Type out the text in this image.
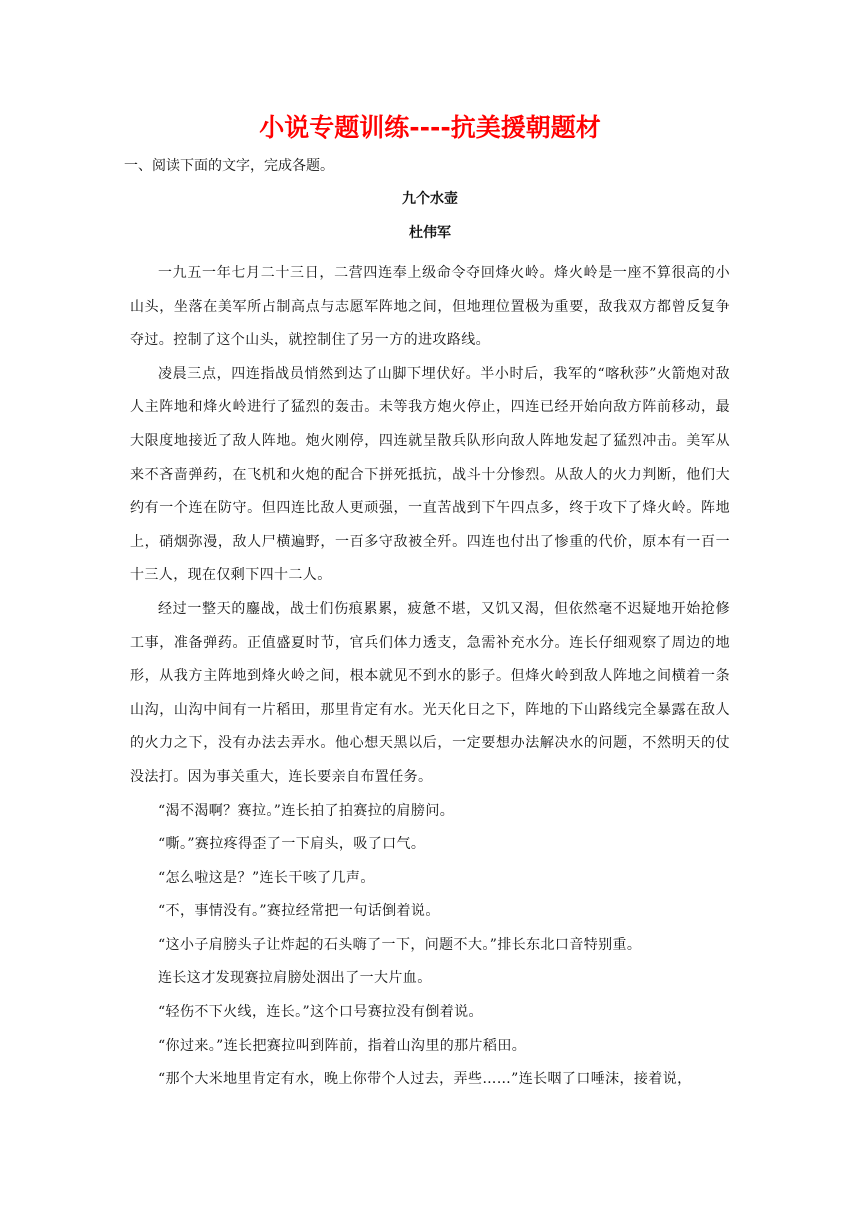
小说专题训练----抗美援朝题材

一、阅读下面的文字，完成各题。

九个水壶

杜伟军

一九五一年七月二十三日，二营四连奉上级命令夺回烽火岭。烽火岭是一座不算很高的小山头，坐落在美军所占制高点与志愿军阵地之间，但地理位置极为重要，敌我双方都曾反复争夺过。控制了这个山头，就控制住了另一方的进攻路线。

凌晨三点，四连指战员悄然到达了山脚下埋伏好。半小时后，我军的“喀秋莎”火箭炮对敌人主阵地和烽火岭进行了猛烈的轰击。未等我方炮火停止，四连已经开始向敌方阵前移动，最大限度地接近了敌人阵地。炮火刚停，四连就呈散兵队形向敌人阵地发起了猛烈冲击。美军从来不吝啬弹药，在飞机和火炮的配合下拼死抵抗，战斗十分惨烈。从敌人的火力判断，他们大约有一个连在防守。但四连比敌人更顽强，一直苦战到下午四点多，终于攻下了烽火岭。阵地上，硝烟弥漫，敌人尸横遍野，一百多守敌被全歼。四连也付出了惨重的代价，原本有一百一十三人，现在仅剩下四十二人。

经过一整天的鏖战，战士们伤痕累累，疲惫不堪，又饥又渴，但依然毫不迟疑地开始抢修工事，准备弹药。正值盛夏时节，官兵们体力透支，急需补充水分。连长仔细观察了周边的地形，从我方主阵地到烽火岭之间，根本就见不到水的影子。但烽火岭到敌人阵地之间横着一条山沟，山沟中间有一片稻田，那里肯定有水。光天化日之下，阵地的下山路线完全暴露在敌人的火力之下，没有办法去弄水。他心想天黑以后，一定要想办法解决水的问题，不然明天的仗没法打。因为事关重大，连长要亲自布置任务。

“渴不渴啊？赛拉。”连长拍了拍赛拉的肩膀问。

“嘶。”赛拉疼得歪了一下肩头，吸了口气。

“怎么啦这是？”连长干咳了几声。

“不，事情没有。”赛拉经常把一句话倒着说。

“这小子肩膀头子让炸起的石头嗨了一下，问题不大。”排长东北口音特别重。

连长这才发现赛拉肩膀处洇出了一大片血。

“轻伤不下火线，连长。”这个口号赛拉没有倒着说。

“你过来。”连长把赛拉叫到阵前，指着山沟里的那片稻田。

“那个大米地里肯定有水，晚上你带个人过去，弄些……”连长咽了口唾沫，接着说，
